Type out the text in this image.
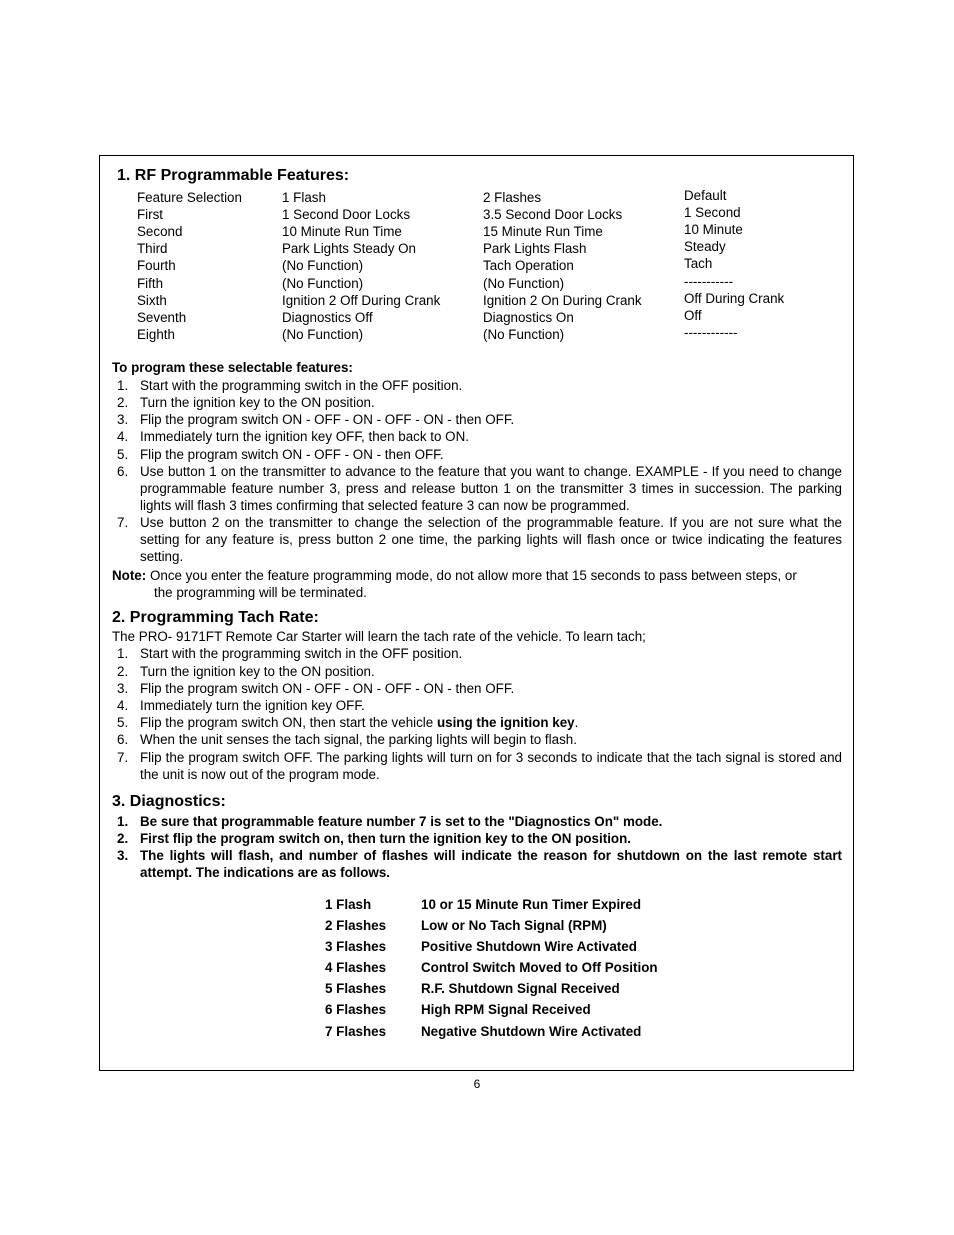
1. RF Programmable Features:
Feature Selection	1 Flash	2 Flashes	Default
First	1 Second Door Locks	3.5 Second Door Locks	1 Second
Second	10 Minute Run Time	15 Minute Run Time	10 Minute
Third	Park Lights Steady On	Park Lights Flash	Steady
Fourth	(No Function)	Tach Operation	Tach
Fifth	(No Function)	(No Function)	-----------
Sixth	Ignition 2 Off During Crank	Ignition 2 On During Crank	Off During Crank
Seventh	Diagnostics Off	Diagnostics On	Off
Eighth	(No Function)	(No Function)	------------
To program these selectable features:
1. Start with the programming switch in the OFF position.
2. Turn the ignition key to the ON position.
3. Flip the program switch ON - OFF - ON - OFF - ON - then OFF.
4. Immediately turn the ignition key OFF, then back to ON.
5. Flip the program switch ON - OFF - ON - then OFF.
6. Use button 1 on the transmitter to advance to the feature that you want to change. EXAMPLE - If you need to change programmable feature number 3, press and release button 1 on the transmitter 3 times in succession. The parking lights will flash 3 times confirming that selected feature 3 can now be programmed.
7. Use button 2 on the transmitter to change the selection of the programmable feature. If you are not sure what the setting for any feature is, press button 2 one time, the parking lights will flash once or twice indicating the features setting.
Note: Once you enter the feature programming mode, do not allow more that 15 seconds to pass between steps, or
the programming will be terminated.
2. Programming Tach Rate:
The PRO- 9171FT Remote Car Starter will learn the tach rate of the vehicle. To learn tach;
1. Start with the programming switch in the OFF position.
2. Turn the ignition key to the ON position.
3. Flip the program switch ON - OFF - ON - OFF - ON - then OFF.
4. Immediately turn the ignition key OFF.
5. Flip the program switch ON, then start the vehicle using the ignition key.
6. When the unit senses the tach signal, the parking lights will begin to flash.
7. Flip the program switch OFF. The parking lights will turn on for 3 seconds to indicate that the tach signal is stored and the unit is now out of the program mode.
3. Diagnostics:
1. Be sure that programmable feature number 7 is set to the "Diagnostics On" mode.
2. First flip the program switch on, then turn the ignition key to the ON position.
3. The lights will flash, and number of flashes will indicate the reason for shutdown on the last remote start attempt. The indications are as follows.
1 Flash	10 or 15 Minute Run Timer Expired
2 Flashes	Low or No Tach Signal (RPM)
3 Flashes	Positive Shutdown Wire Activated
4 Flashes	Control Switch Moved to Off Position
5 Flashes	R.F. Shutdown Signal Received
6 Flashes	High RPM Signal Received
7 Flashes	Negative Shutdown Wire Activated
6
